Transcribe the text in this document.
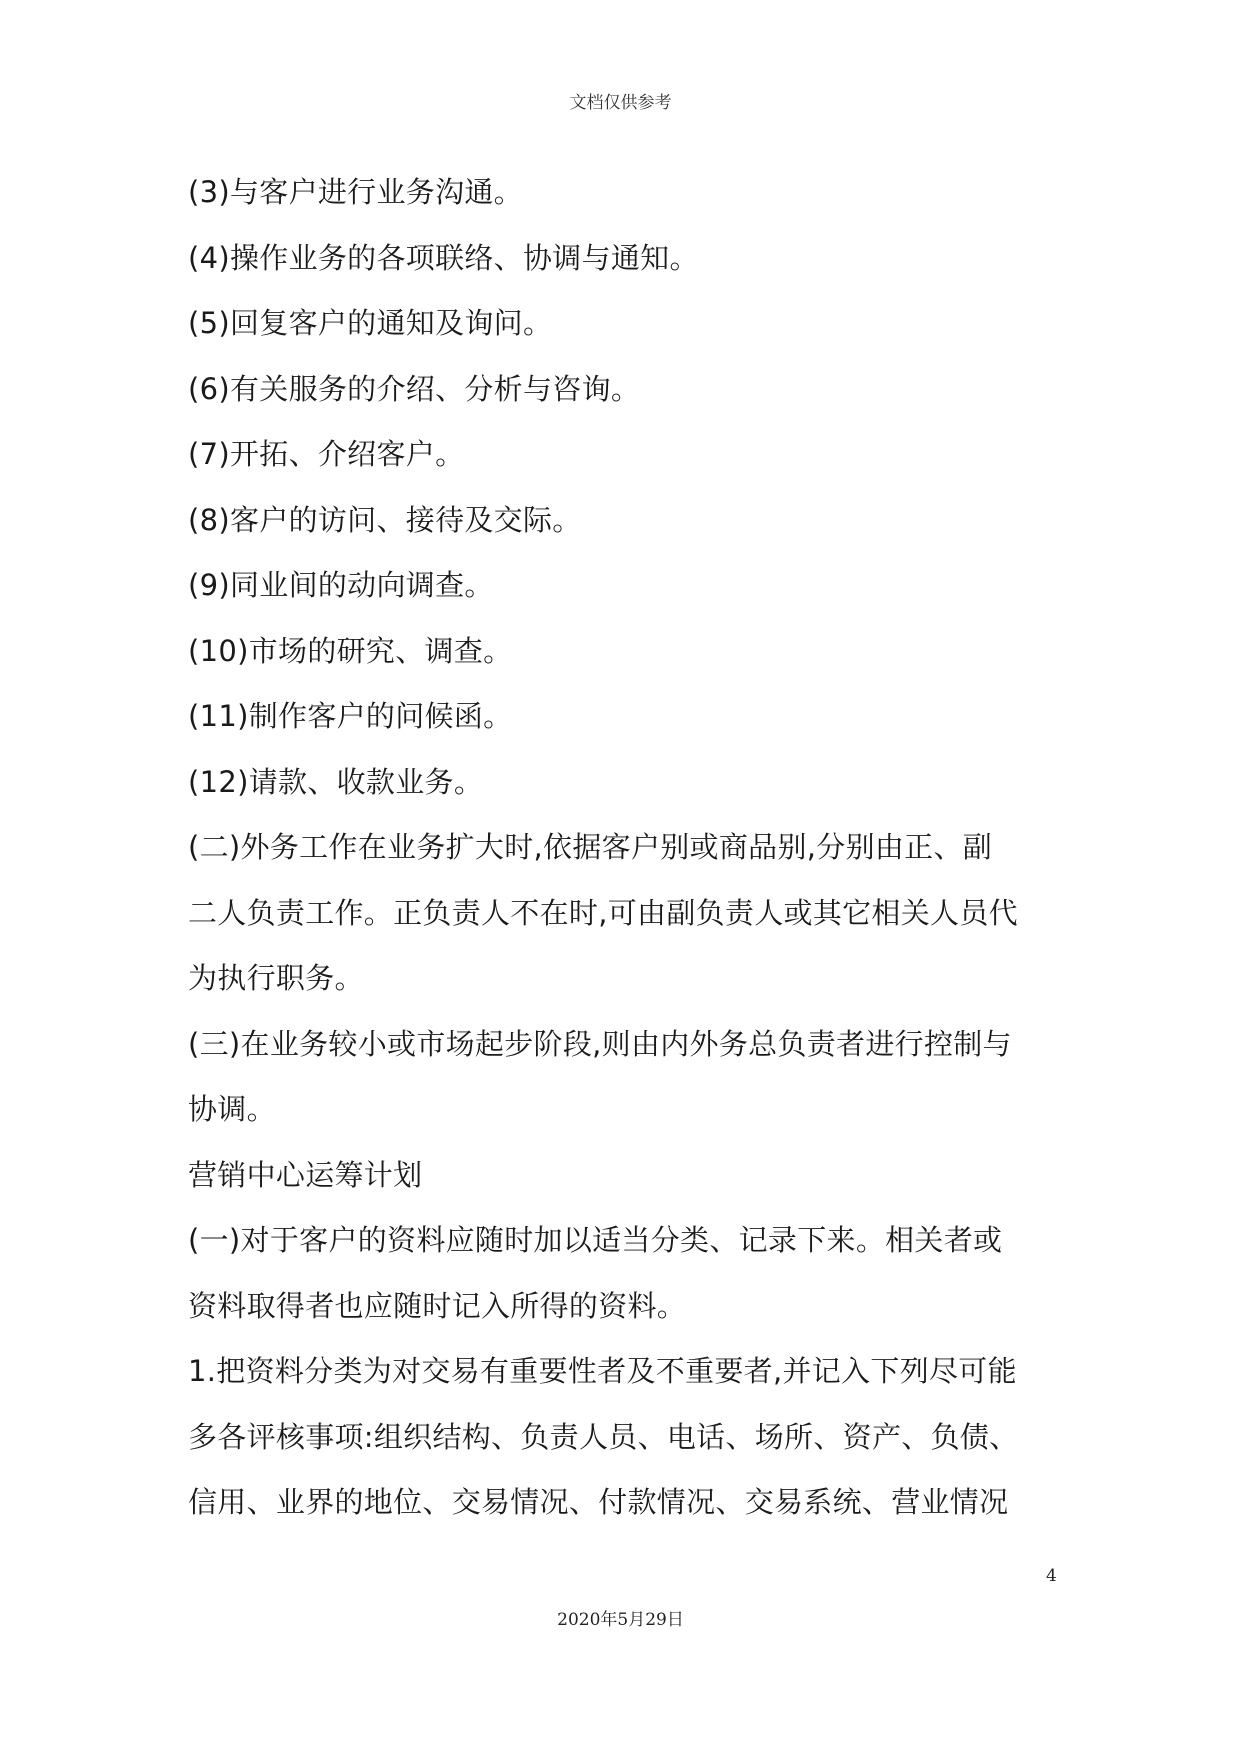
文档仅供参考
(3)与客户进行业务沟通。
(4)操作业务的各项联络、协调与通知。
(5)回复客户的通知及询问。
(6)有关服务的介绍、分析与咨询。
(7)开拓、介绍客户。
(8)客户的访问、接待及交际。
(9)同业间的动向调查。
(10)市场的研究、调查。
(11)制作客户的问候函。
(12)请款、收款业务。
(二)外务工作在业务扩大时,依据客户别或商品别,分别由正、副
二人负责工作。正负责人不在时,可由副负责人或其它相关人员代
为执行职务。
(三)在业务较小或市场起步阶段,则由内外务总负责者进行控制与
协调。
营销中心运筹计划
(一)对于客户的资料应随时加以适当分类、记录下来。相关者或
资料取得者也应随时记入所得的资料。
1.把资料分类为对交易有重要性者及不重要者,并记入下列尽可能
多各评核事项:组织结构、负责人员、电话、场所、资产、负债、
信用、业界的地位、交易情况、付款情况、交易系统、营业情况
4
2020年5月29日
